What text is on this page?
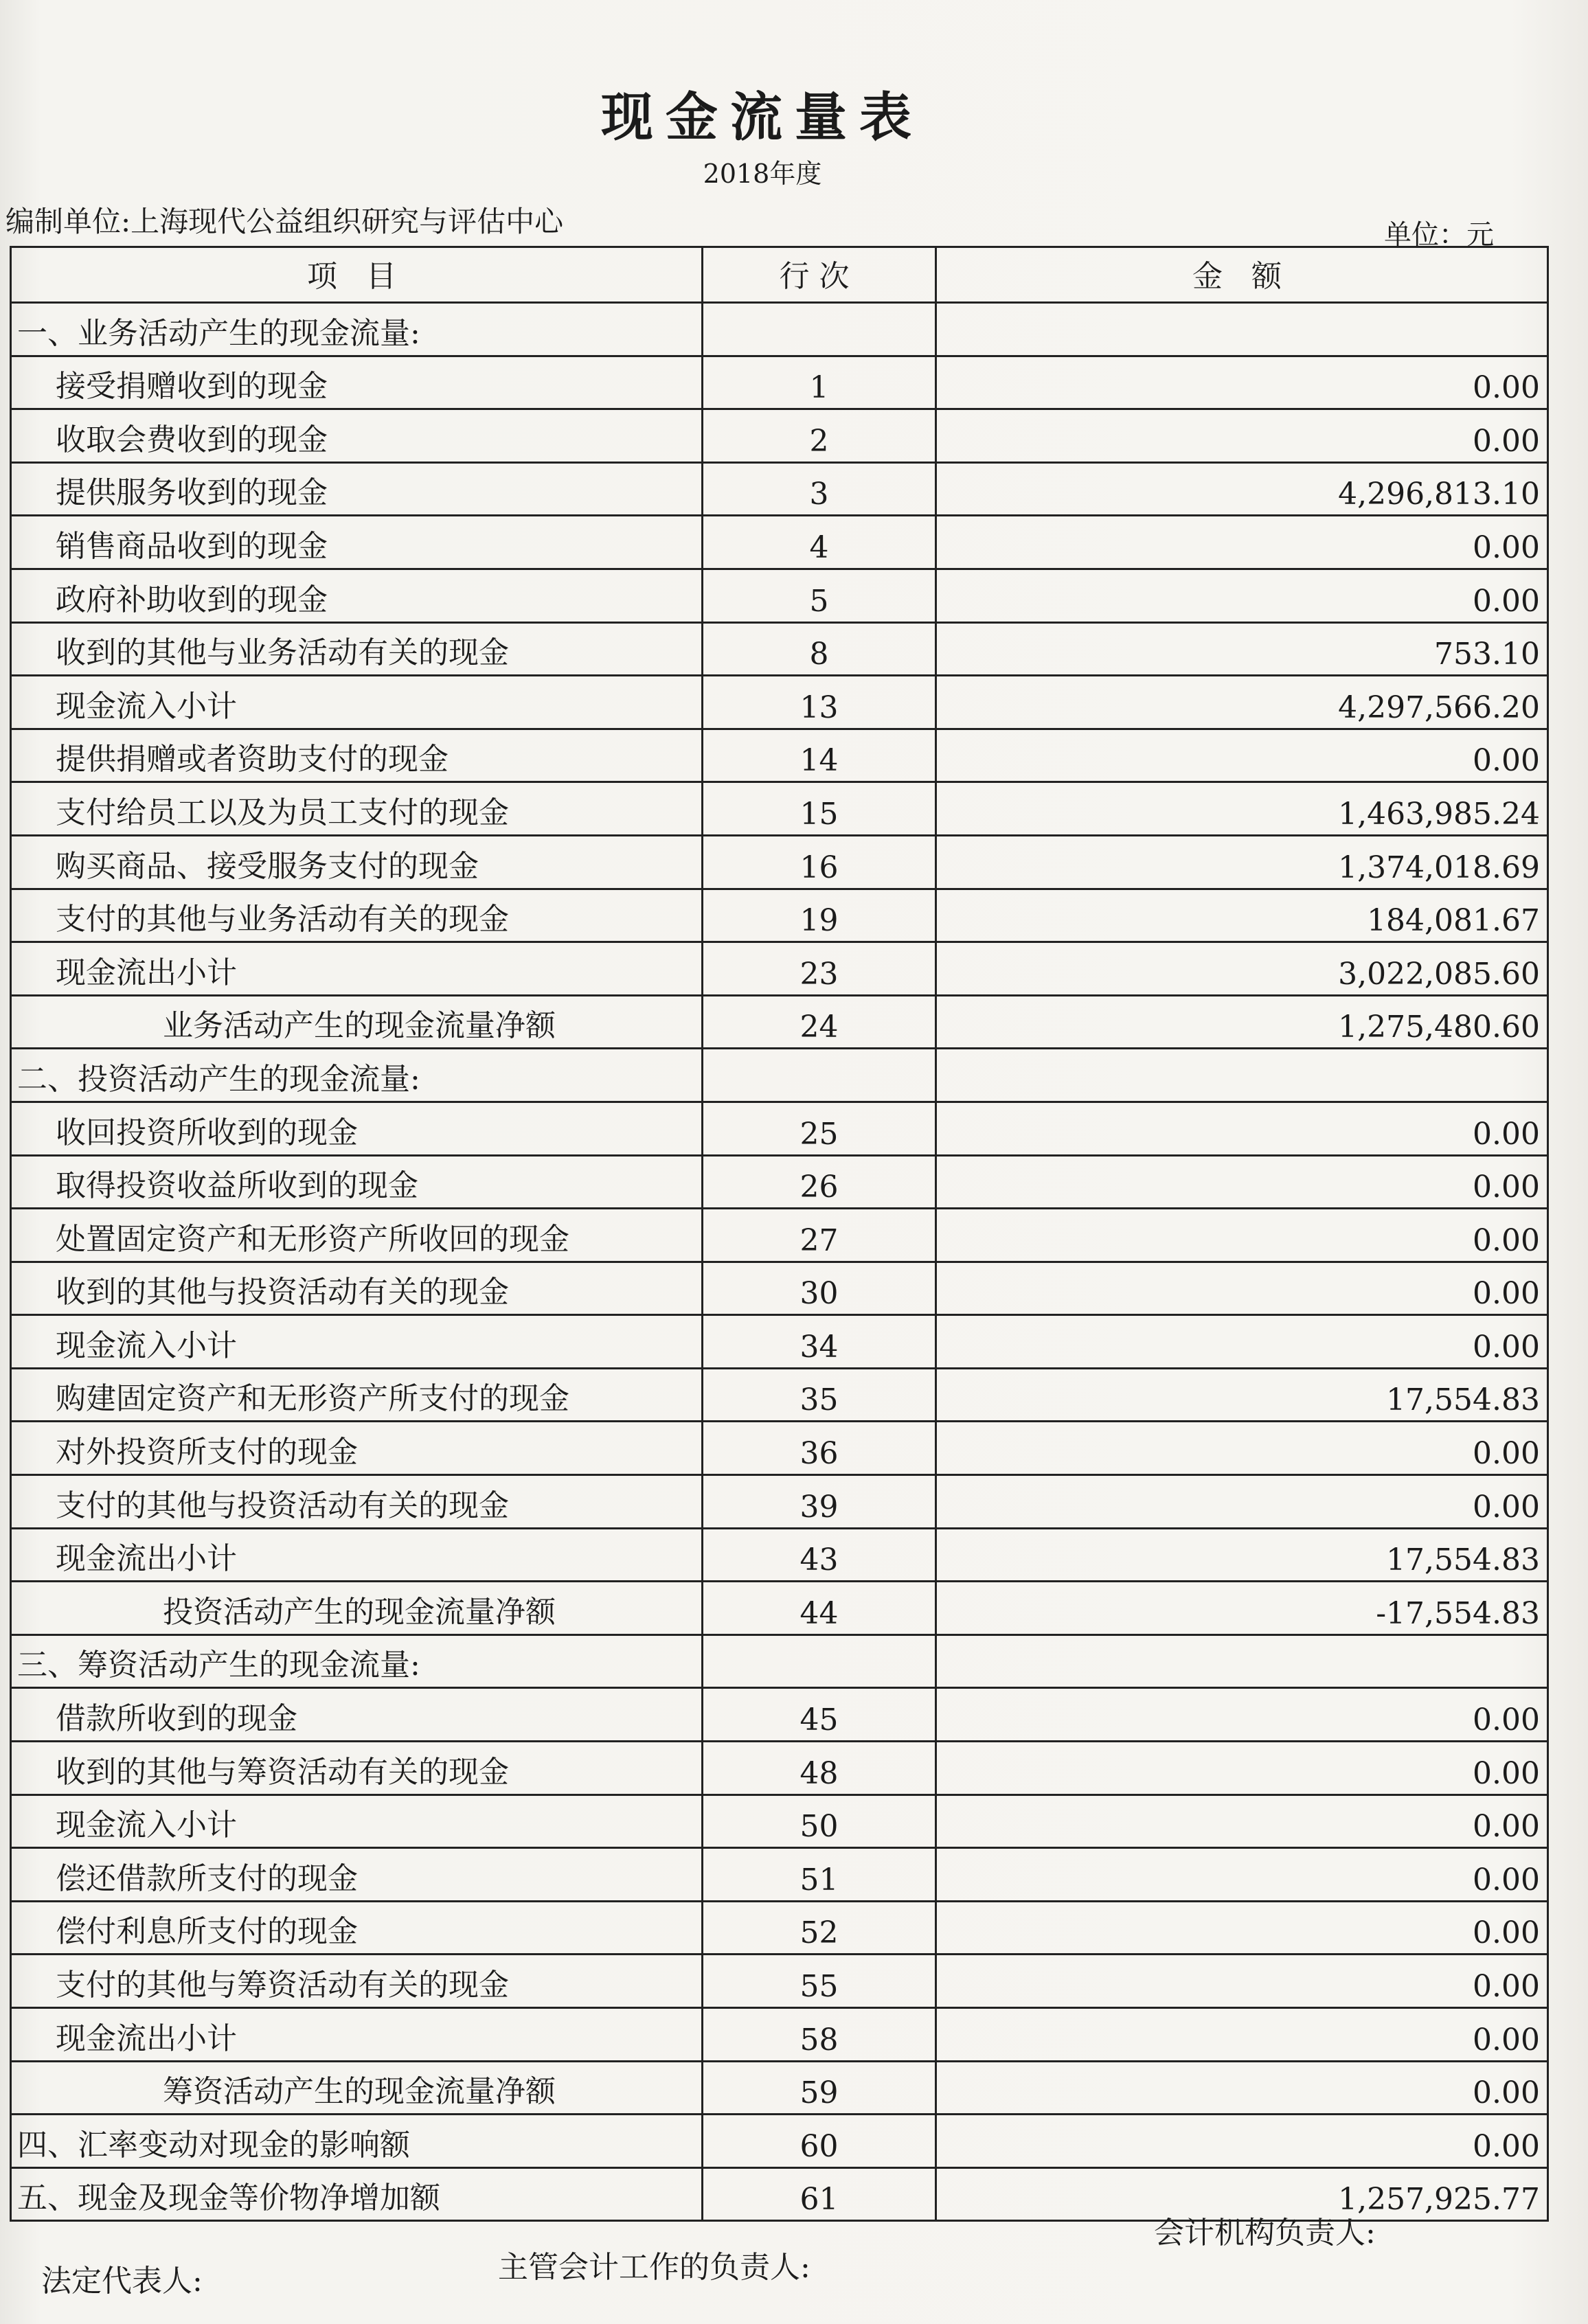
现金流量表
2018年度
编制单位:上海现代公益组织研究与评估中心	单位：元
项 目	行次	金 额
一、业务活动产生的现金流量:		
接受捐赠收到的现金	1	0.00
收取会费收到的现金	2	0.00
提供服务收到的现金	3	4,296,813.10
销售商品收到的现金	4	0.00
政府补助收到的现金	5	0.00
收到的其他与业务活动有关的现金	8	753.10
现金流入小计	13	4,297,566.20
提供捐赠或者资助支付的现金	14	0.00
支付给员工以及为员工支付的现金	15	1,463,985.24
购买商品、接受服务支付的现金	16	1,374,018.69
支付的其他与业务活动有关的现金	19	184,081.67
现金流出小计	23	3,022,085.60
业务活动产生的现金流量净额	24	1,275,480.60
二、投资活动产生的现金流量:		
收回投资所收到的现金	25	0.00
取得投资收益所收到的现金	26	0.00
处置固定资产和无形资产所收回的现金	27	0.00
收到的其他与投资活动有关的现金	30	0.00
现金流入小计	34	0.00
购建固定资产和无形资产所支付的现金	35	17,554.83
对外投资所支付的现金	36	0.00
支付的其他与投资活动有关的现金	39	0.00
现金流出小计	43	17,554.83
投资活动产生的现金流量净额	44	-17,554.83
三、筹资活动产生的现金流量:		
借款所收到的现金	45	0.00
收到的其他与筹资活动有关的现金	48	0.00
现金流入小计	50	0.00
偿还借款所支付的现金	51	0.00
偿付利息所支付的现金	52	0.00
支付的其他与筹资活动有关的现金	55	0.00
现金流出小计	58	0.00
筹资活动产生的现金流量净额	59	0.00
四、汇率变动对现金的影响额	60	0.00
五、现金及现金等价物净增加额	61	1,257,925.77
法定代表人:	主管会计工作的负责人:
会计机构负责人:
